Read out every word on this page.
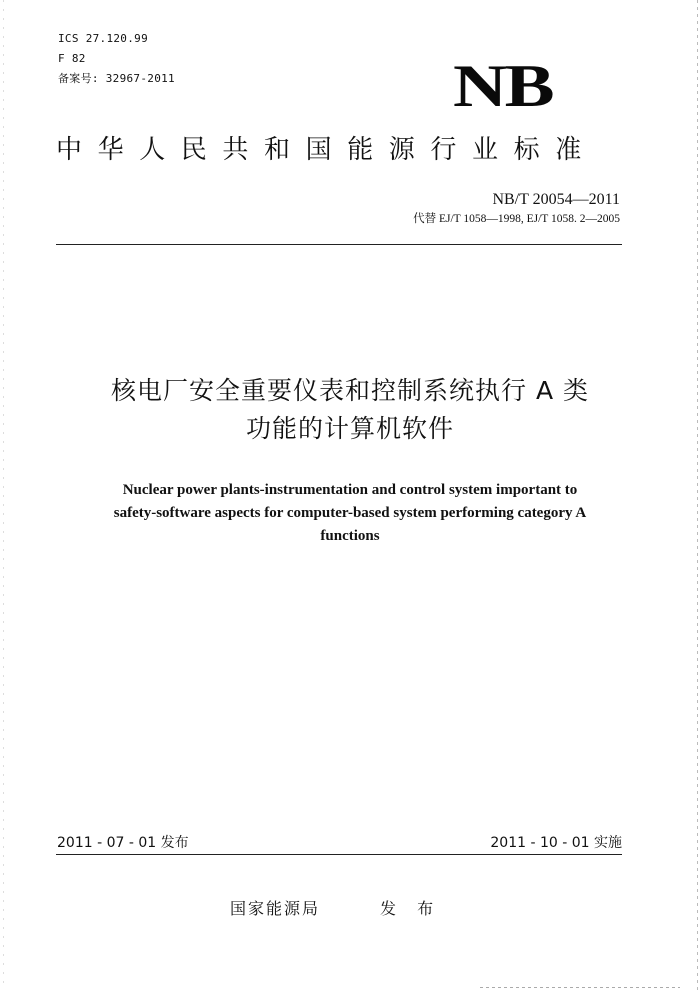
ICS 27.120.99
F 82
备案号: 32967-2011	NB
中华人民共和国能源行业标准
NB/T 20054—2011
代替 EJ/T 1058—1998, EJ/T 1058. 2—2005
核电厂安全重要仪表和控制系统执行 A 类
功能的计算机软件
Nuclear power plants-instrumentation and control system important to
safety-software aspects for computer-based system performing category A
functions
2011 - 07 - 01 发布	2011 - 10 - 01 实施
国家能源局	发 布
